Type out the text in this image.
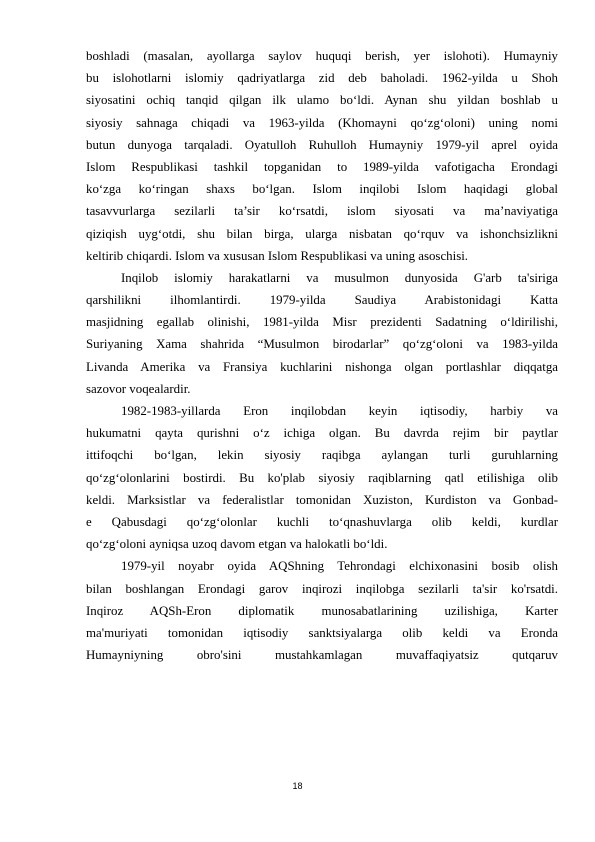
boshladi (masalan, ayollarga saylov huquqi berish, yer islohoti). Humayniy
bu islohotlarni islomiy qadriyatlarga zid deb baholadi. 1962-yilda u Shoh
siyosatini ochiq tanqid qilgan ilk ulamo bo‘ldi. Aynan shu yildan boshlab u
siyosiy sahnaga chiqadi va 1963-yilda (Khomayni qo‘zg‘oloni) uning nomi
butun dunyoga tarqaladi. Oyatulloh Ruhulloh Humayniy 1979-yil aprel oyida
Islom Respublikasi tashkil topganidan to 1989-yilda vafotigacha Erondagi
ko‘zga ko‘ringan shaxs bo‘lgan. Islom inqilobi Islom haqidagi global
tasavvurlarga sezilarli ta’sir ko‘rsatdi, islom siyosati va ma’naviyatiga
qiziqish uyg‘otdi, shu bilan birga, ularga nisbatan qo‘rquv va ishonchsizlikni
keltirib chiqardi. Islom va xususan Islom Respublikasi va uning asoschisi.
Inqilob islomiy harakatlarni va musulmon dunyosida G'arb ta'siriga
qarshilikni ilhomlantirdi. 1979-yilda Saudiya Arabistonidagi Katta
masjidning egallab olinishi, 1981-yilda Misr prezidenti Sadatning o‘ldirilishi,
Suriyaning Xama shahrida “Musulmon birodarlar” qo‘zg‘oloni va 1983-yilda
Livanda Amerika va Fransiya kuchlarini nishonga olgan portlashlar diqqatga
sazovor voqealardir.
1982-1983-yillarda Eron inqilobdan keyin iqtisodiy, harbiy va
hukumatni qayta qurishni o‘z ichiga olgan. Bu davrda rejim bir paytlar
ittifoqchi bo‘lgan, lekin siyosiy raqibga aylangan turli guruhlarning
qo‘zg‘olonlarini bostirdi. Bu ko'plab siyosiy raqiblarning qatl etilishiga olib
keldi. Marksistlar va federalistlar tomonidan Xuziston, Kurdiston va Gonbad-
e Qabusdagi qo‘zg‘olonlar kuchli to‘qnashuvlarga olib keldi, kurdlar
qo‘zg‘oloni ayniqsa uzoq davom etgan va halokatli bo‘ldi.
1979-yil noyabr oyida AQShning Tehrondagi elchixonasini bosib olish
bilan boshlangan Erondagi garov inqirozi inqilobga sezilarli ta'sir ko'rsatdi.
Inqiroz AQSh-Eron diplomatik munosabatlarining uzilishiga, Karter
ma'muriyati tomonidan iqtisodiy sanktsiyalarga olib keldi va Eronda
Humayniyning obro'sini mustahkamlagan muvaffaqiyatsiz qutqaruv
18
